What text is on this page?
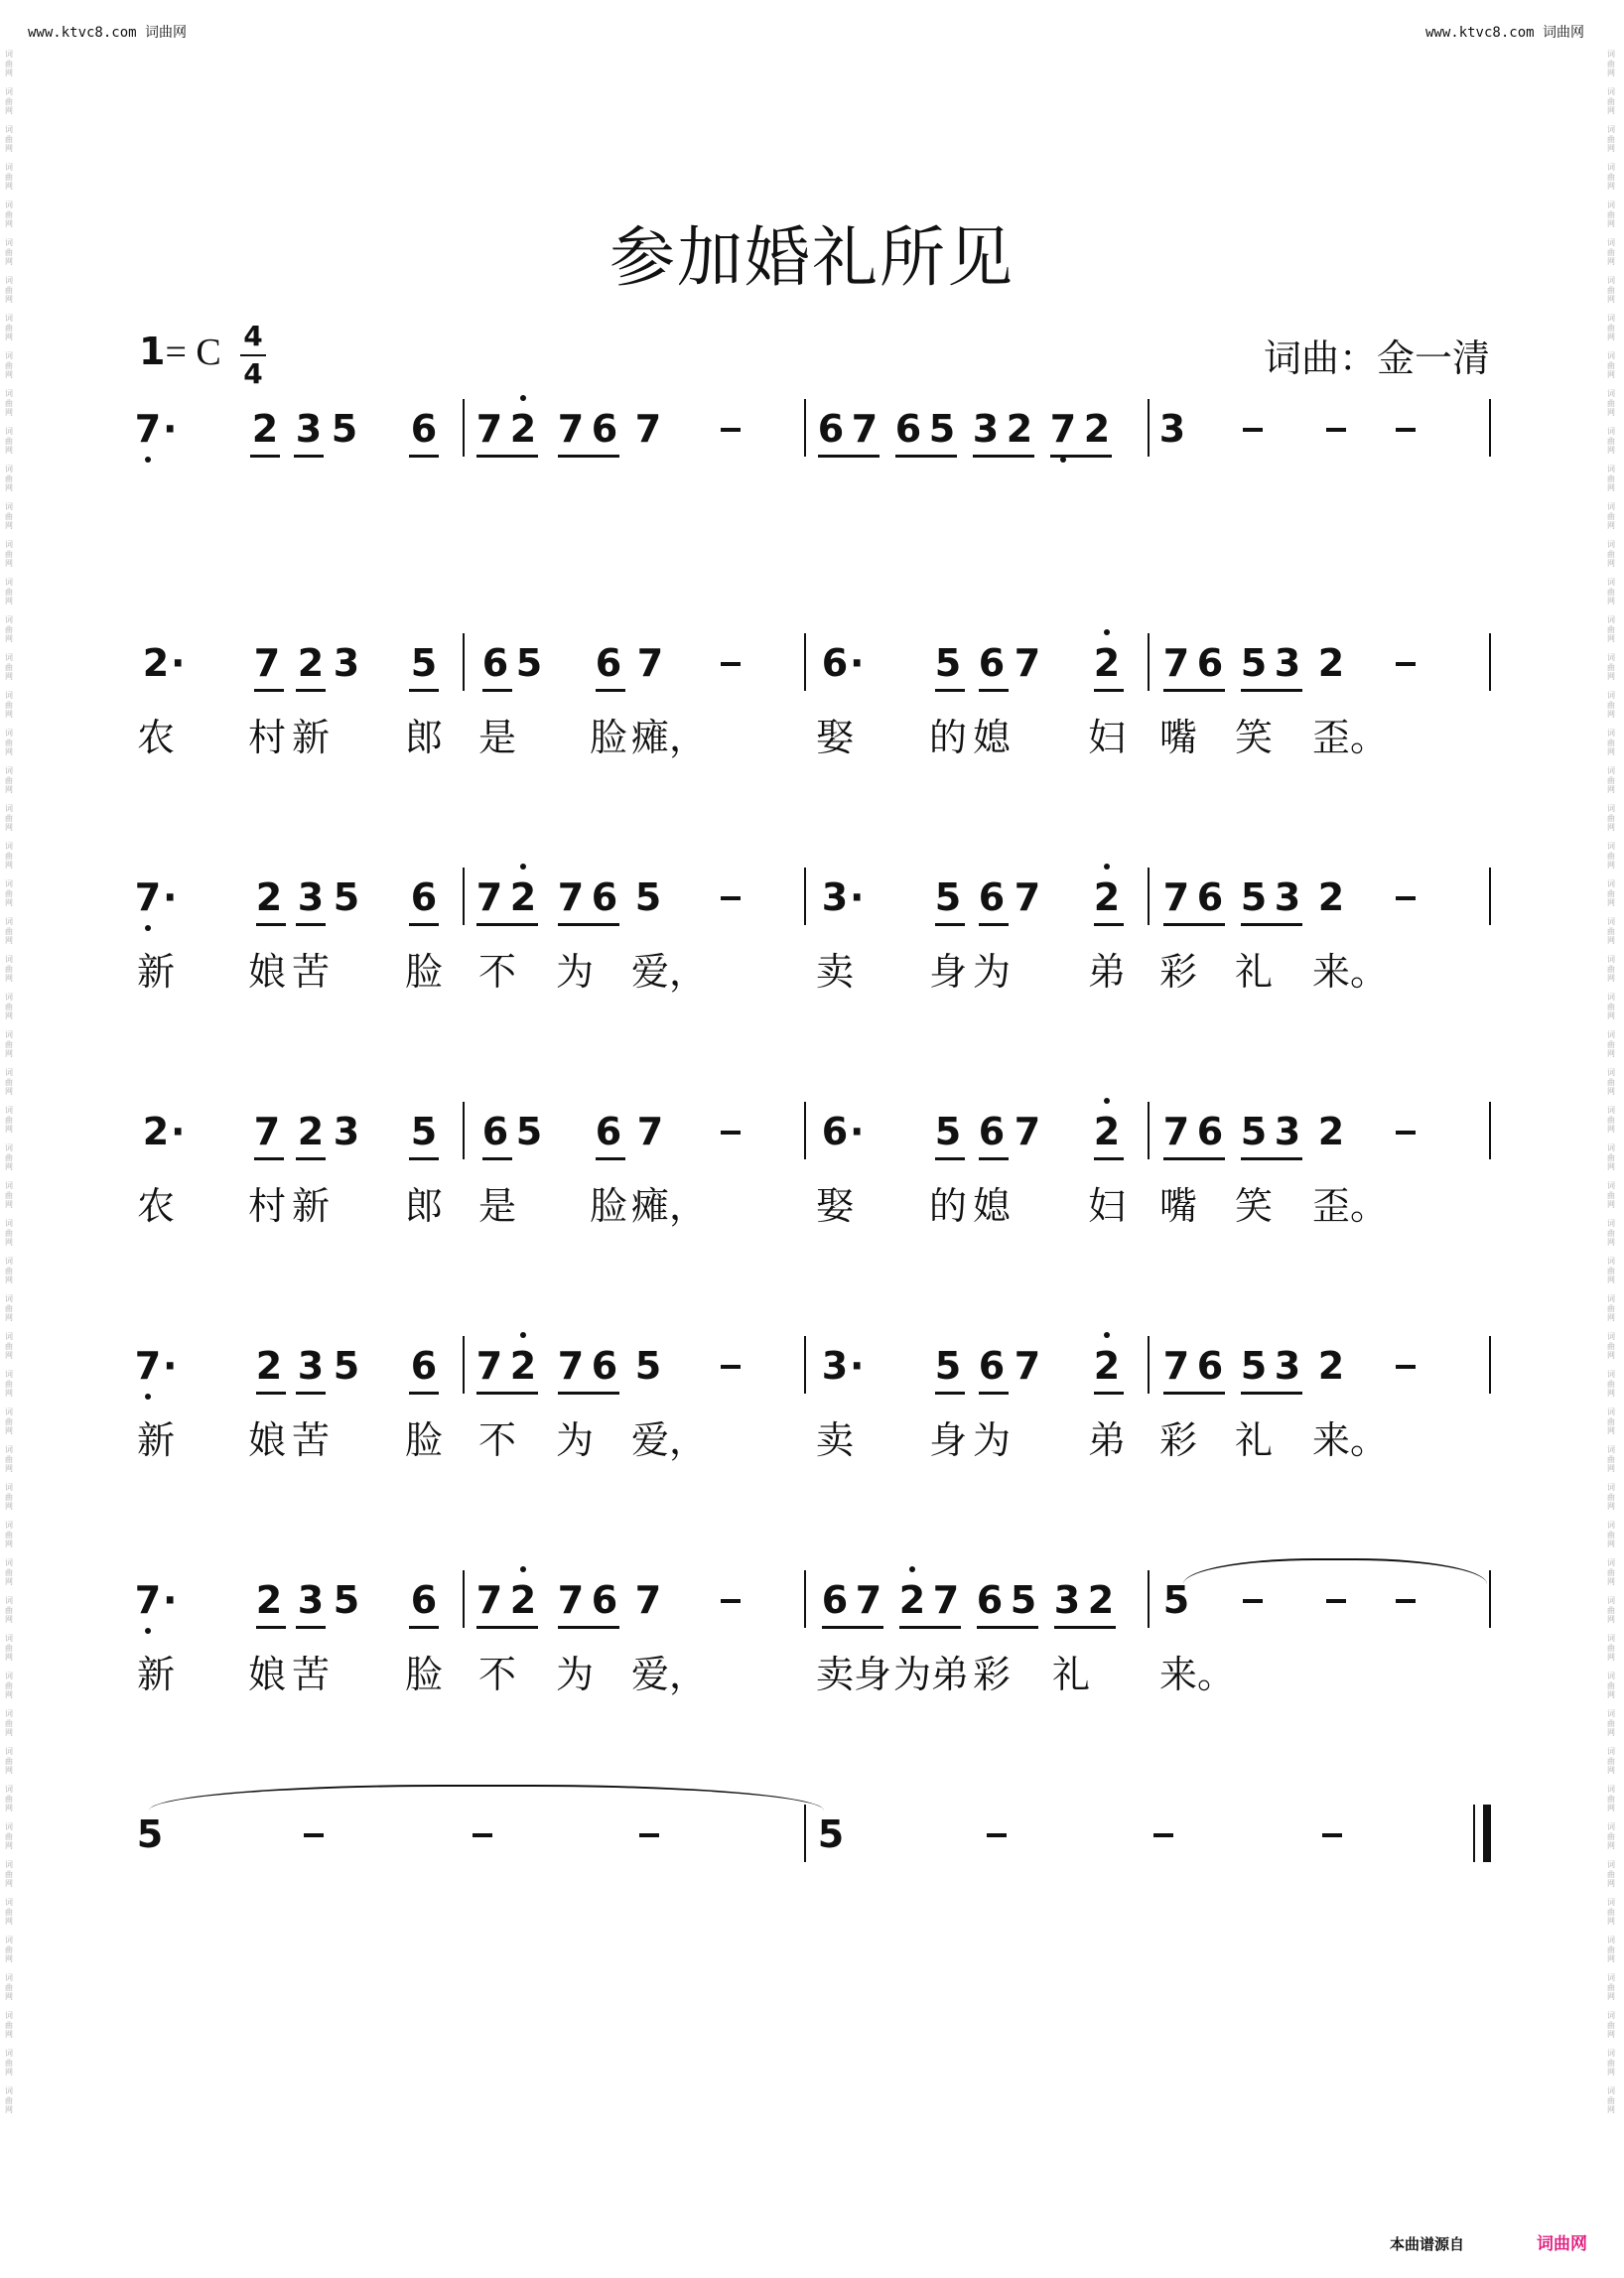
www.ktvc8.com 词曲网	www.ktvc8.com 词曲网
词
曲
网

词
曲
网

词
曲
网

词
曲
网

词
曲
网

词
曲
网

词
曲
网

词
曲
网

词
曲
网

词
曲
网

词
曲
网

词
曲
网

词
曲
网

词
曲
网

词
曲
网

词
曲
网

词
曲
网

词
曲
网

词
曲
网

词
曲
网

词
曲
网

词
曲
网

词
曲
网

词
曲
网

词
曲
网

词
曲
网

词
曲
网

词
曲
网

词
曲
网

词
曲
网

词
曲
网

词
曲
网

词
曲
网

词
曲
网

词
曲
网

词
曲
网

词
曲
网

词
曲
网

词
曲
网

词
曲
网

词
曲
网

词
曲
网

词
曲
网

词
曲
网

词
曲
网

词
曲
网

词
曲
网

词
曲
网

词
曲
网

词
曲
网

词
曲
网

词
曲
网

词
曲
网

词
曲
网

词
曲
网

词
曲
网

词
曲
网

词
曲
网

词
曲
网

词
曲
网

词
曲
网

词
曲
网

词
曲
网

词
曲
网

词
曲
网

词
曲
网

词
曲
网

词
曲
网

词
曲
网

词
曲
网

词
曲
网

词
曲
网

词
曲
网

词
曲
网

词
曲
网

词
曲
网

词
曲
网

词
曲
网

词
曲
网

词
曲
网

词
曲
网

词
曲
网

词
曲
网

词
曲
网

词
曲
网

词
曲
网

词
曲
网

词
曲
网

词
曲
网

词
曲
网

词
曲
网

词
曲
网

词
曲
网

词
曲
网

词
曲
网

词
曲
网

词
曲
网

词
曲
网

词
曲
网

词
曲
网

词
曲
网

词
曲
网

词
曲
网

词
曲
网

词
曲
网

词
曲
网

词
曲
网

词
曲
网

词
曲
网

词
曲
网

参加婚礼所见
1= C 4
4	词曲：金一清
7 · 2 3 5 6 7 2 7 6 7	6 7 6 5 3 2 7 2 3
2 · 7 2 3 5 6 5 6 7	6 · 5 6 7 2 7 6 5 3 2
农 村 新 郎 是 脸 瘫，	娶 的 媳 妇 嘴 笑 歪。
7 · 2 3 5 6 7 2 7 6 5	3 · 5 6 7 2 7 6 5 3 2
新 娘 苦 脸 不 为 爱，	卖 身 为 弟 彩 礼 来。
2 · 7 2 3 5 6 5 6 7	6 · 5 6 7 2 7 6 5 3 2
农 村 新 郎 是 脸 瘫，	娶 的 媳 妇 嘴 笑 歪。
7 · 2 3 5 6 7 2 7 6 5	3 · 5 6 7 2 7 6 5 3 2
新 娘 苦 脸 不 为 爱，	卖 身 为 弟 彩 礼 来。
7 · 2 3 5 6 7 2 7 6 7	6 7 2 7 6 5 3 2 5
新 娘 苦 脸 不 为 爱，	卖 身 为 弟 彩 礼 来。
5	5
本曲谱源自	词曲网
